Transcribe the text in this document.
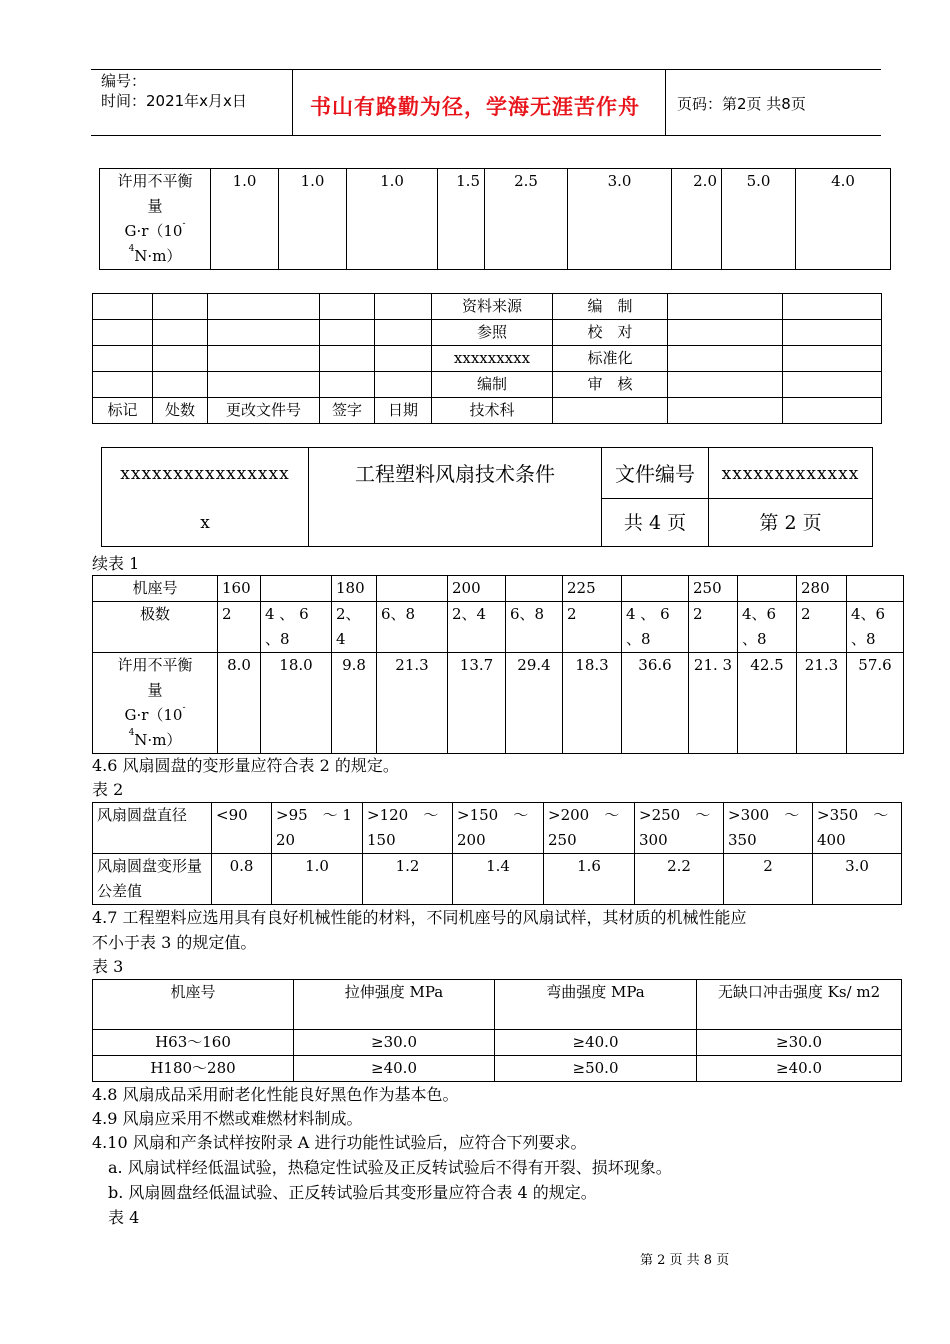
编号：
时间：2021年x月x日	书山有路勤为径，学海无涯苦作舟 页码：第2页 共8页
许用不平衡
量
G·r（10-
$^4$N·m）
	1.0	1.0	1.0	1.5	2.5	3.0	2.0	5.0	4.0
					资料来源	编　制		
					参照	校　对		
					xxxxxxxxx	标准化		
					编制	审　核		
标记	处数	更改文件号	签字	日期	技术科			
xxxxxxxxxxxxxxxx
x	工程塑料风扇技术条件	文件编号	xxxxxxxxxxxxx
		共 4 页	第 2 页
续表 1
机座号	160		180		200		225		250		280	
极数	2	4 、 6 、8	2、 4	6、8	2、4	6、8	2	4 、 6 、8	2	4、6 、8	2	4、6 、8

许用不平衡
量
G·r（10-
$^4$N·m）	8.0	18.0	9.8	21.3	13.7	29.4	18.3	36.6	21. 3	42.5	21.3	57.6
4.6 风扇圆盘的变形量应符合表 2 的规定。
表 2
风扇圆盘直径	<90	>95　～ 120	>120　～ 150	>150　～ 200	>200　～ 250	>250　～ 300	>300　～ 350	>350　～ 400
风扇圆盘变形量公差值	0.8	1.0	1.2	1.4	1.6	2.2	2	3.0
4.7 工程塑料应选用具有良好机械性能的材料，不同机座号的风扇试样，其材质的机械性能应
不小于表 3 的规定值。
表 3
机座号	拉伸强度 MPa	弯曲强度 MPa	无缺口冲击强度 Ks/ m2
H63～160	≥30.0	≥40.0	≥30.0
H180～280	≥40.0	≥50.0	≥40.0
4.8 风扇成品采用耐老化性能良好黑色作为基本色。
4.9 风扇应采用不燃或难燃材料制成。
4.10 风扇和产条试样按附录 A 进行功能性试验后，应符合下列要求。
a. 风扇试样经低温试验，热稳定性试验及正反转试验后不得有开裂、损坏现象。
b. 风扇圆盘经低温试验、正反转试验后其变形量应符合表 4 的规定。
表 4
第 2 页 共 8 页
